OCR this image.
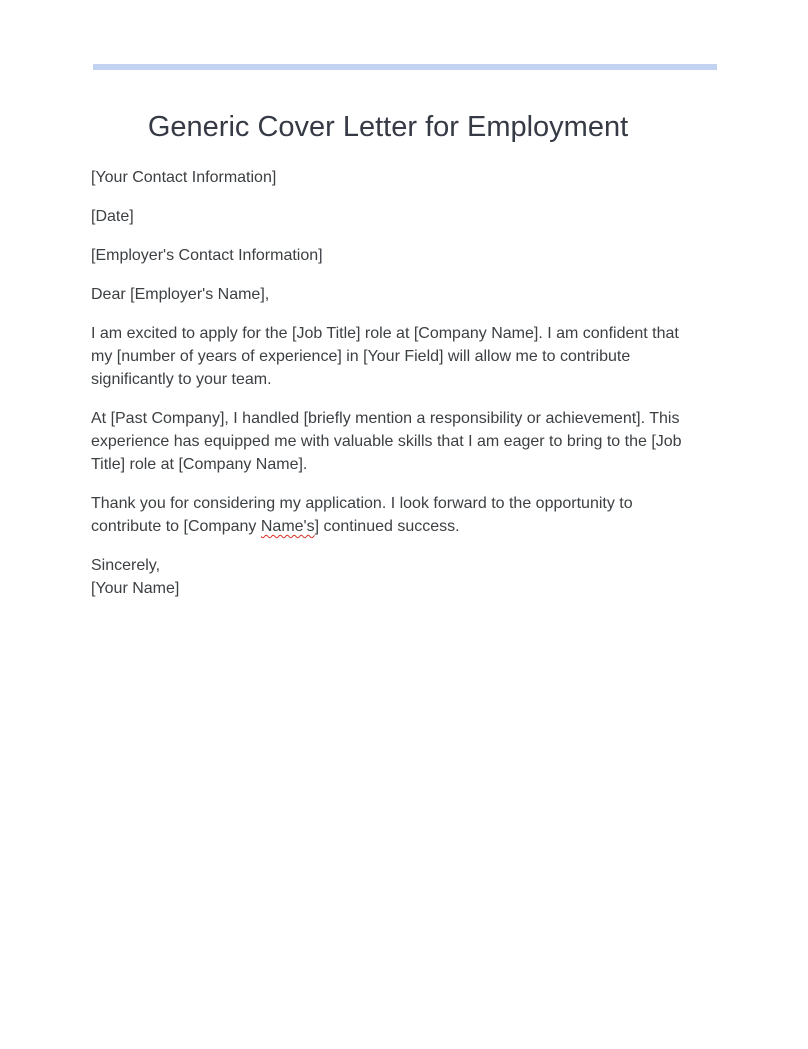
Generic Cover Letter for Employment

[Your Contact Information]

[Date]

[Employer's Contact Information]

Dear [Employer's Name],

I am excited to apply for the [Job Title] role at [Company Name]. I am confident that my [number of years of experience] in [Your Field] will allow me to contribute significantly to your team.

At [Past Company], I handled [briefly mention a responsibility or achievement]. This experience has equipped me with valuable skills that I am eager to bring to the [Job Title] role at [Company Name].

Thank you for considering my application. I look forward to the opportunity to contribute to [Company Name's] continued success.

Sincerely,

[Your Name]
